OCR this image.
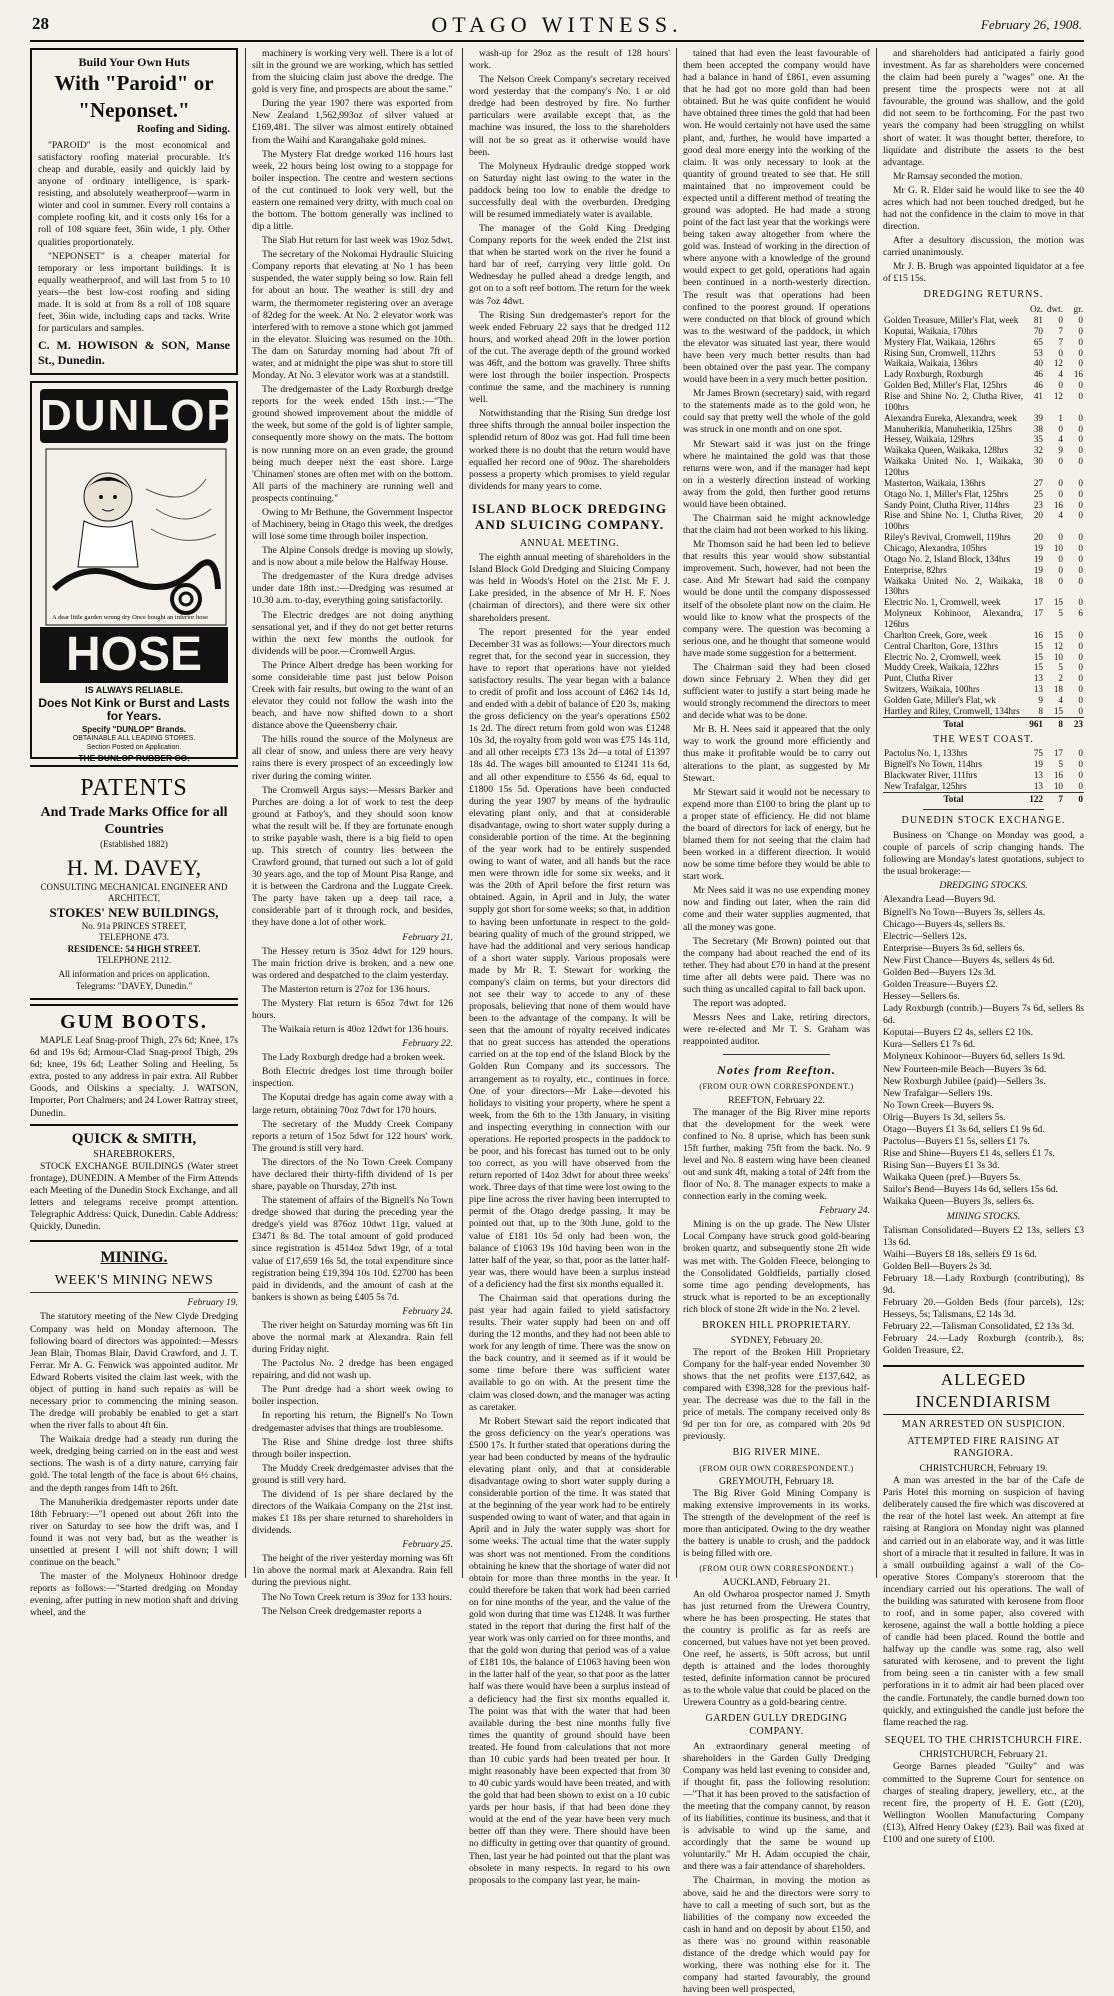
28	OTAGO WITNESS.	February 26, 1908.
Build Your Own Huts
With "Paroid" or "Neponset."
Roofing and Siding.

"PAROID" is the most economical and satisfactory roofing material procurable. It's cheap and durable, easily and quickly laid by anyone of ordinary intelligence, is spark-resisting, and absolutely weatherproof—warm in winter and cool in summer. Every roll contains a complete roofing kit, and it costs only 16s for a roll of 108 square feet, 36in wide, 1 ply. Other qualities proportionately.

"NEPONSET" is a cheaper material for temporary or less important buildings. It is equally weatherproof, and will last from 5 to 10 years—the best low-cost roofing and siding made. It is sold at from 8s a roll of 108 square feet, 36in wide, including caps and tacks. Write for particulars and samples.

C. M. HOWISON & SON, Manse St., Dunedin.
DUNLOP
A dear little garden wrung dry Once bought an inferior hose
HOSE
IS ALWAYS RELIABLE.
Does Not Kink or Burst and Lasts for Years.
Specify "DUNLOP" Brands.
OBTAINABLE ALL LEADING STORES.
Section Posted on Application.
THE DUNLOP RUBBER CO.
PATENTS
And Trade Marks Office for all Countries
(Established 1882)
H. M. DAVEY,
CONSULTING MECHANICAL ENGINEER AND ARCHITECT,
STOKES' NEW BUILDINGS,
No. 91a PRINCES STREET,
TELEPHONE 473.
RESIDENCE: 54 HIGH STREET.
TELEPHONE 2112.
All information and prices on application.
Telegrams: "DAVEY, Dunedin."
GUM BOOTS.

MAPLE Leaf Snag-proof Thigh, 27s 6d; Knee, 17s 6d and 19s 6d; Armour-Clad Snag-proof Thigh, 29s 6d; knee, 19s 6d; Leather Soling and Heeling, 5s extra, posted to any address in pair extra. All Rubber Goods, and Oilskins a specialty. J. WATSON, Importer, Port Chalmers; and 24 Lower Rattray street, Dunedin.

QUICK & SMITH,
SHAREBROKERS,

STOCK EXCHANGE BUILDINGS (Water street frontage), DUNEDIN. A Member of the Firm Attends each Meeting of the Dunedin Stock Exchange, and all letters and telegrams receive prompt attention. Telegraphic Address: Quick, Dunedin. Cable Address: Quickly, Dunedin.

MINING.
WEEK'S MINING NEWS
February 19.

The statutory meeting of the New Clyde Dredging Company was held on Monday afternoon. The following board of directors was appointed:—Messrs Jean Blair, Thomas Blair, David Crawford, and J. T. Ferrar. Mr A. G. Fenwick was appointed auditor. Mr Edward Roberts visited the claim last week, with the object of putting in hand such repairs as will be necessary prior to commencing the mining season. The dredge will probably be enabled to get a start when the river falls to about 4ft 6in.

The Waikaia dredge had a steady run during the week, dredging being carried on in the east and west sections. The wash is of a dirty nature, carrying fair gold. The total length of the face is about 6½ chains, and the depth ranges from 14ft to 26ft.

The Manuherikia dredgemaster reports under date 18th February:—"I opened out about 26ft into the river on Saturday to see how the drift was, and I found it was not very bad, but as the weather is unsettled at present I will not shift down; I will continue on the beach."

The master of the Molyneux Hohinoor dredge reports as follows:—"Started dredging on Monday evening, after putting in new motion shaft and driving wheel, and the

machinery is working very well. There is a lot of silt in the ground we are working, which has settled from the sluicing claim just above the dredge. The gold is very fine, and prospects are about the same."

During the year 1907 there was exported from New Zealand 1,562,993oz of silver valued at £169,481. The silver was almost entirely obtained from the Waihi and Karangahake gold mines.

The Mystery Flat dredge worked 116 hours last week, 22 hours being lost owing to a stoppage for boiler inspection. The centre and western sections of the cut continued to look very well, but the eastern one remained very dritty, with much coal on the bottom. The bottom generally was inclined to dip a little.

The Slab Hut return for last week was 19oz 5dwt.

The secretary of the Nokomai Hydraulic Sluicing Company reports that elevating at No 1 has been suspended, the water supply being so low. Rain fell for about an hour. The weather is still dry and warm, the thermometer registering over an average of 82deg for the week. At No. 2 elevator work was interfered with to remove a stone which got jammed in the elevator. Sluicing was resumed on the 10th. The dam on Saturday morning had about 7ft of water, and at midnight the pipe was shut to store till Monday. At No. 3 elevator work was at a standstill.

The dredgemaster of the Lady Roxburgh dredge reports for the week ended 15th inst.:—"The ground showed improvement about the middle of the week, but some of the gold is of lighter sample, consequently more showy on the mats. The bottom is now running more on an even grade, the ground being much deeper next the east shore. Large 'Chinamen' stones are often met with on the bottom. All parts of the machinery are running well and prospects continuing."

Owing to Mr Bethune, the Government Inspector of Machinery, being in Otago this week, the dredges will lose some time through boiler inspection.

The Alpine Consols dredge is moving up slowly, and is now about a mile below the Halfway House.

The dredgemaster of the Kura dredge advises under date 18th inst.:—Dredging was resumed at 10.30 a.m. to-day, everything going satisfactorily.

The Electric dredges are not doing anything sensational yet, and if they do not get better returns within the next few months the outlook for dividends will be poor.—Cromwell Argus.

The Prince Albert dredge has been working for some considerable time past just below Poison Creek with fair results, but owing to the want of an elevator they could not follow the wash into the beach, and have now shifted down to a short distance above the Queensberry chair.

The hills round the source of the Molyneux are all clear of snow, and unless there are very heavy rains there is every prospect of an exceedingly low river during the coming winter.

The Cromwell Argus says:—Messrs Barker and Purches are doing a lot of work to test the deep ground at Fatboy's, and they should soon know what the result will be. If they are fortunate enough to strike payable wash, there is a big field to open up. This stretch of country lies between the Crawford ground, that turned out such a lot of gold 30 years ago, and the top of Mount Pisa Range, and it is between the Cardrona and the Luggate Creek. The party have taken up a deep tail race, a considerable part of it through rock, and besides, they have done a lot of other work.

February 21.

The Hessey return is 35oz 4dwt for 129 hours. The main friction drive is broken, and a new one was ordered and despatched to the claim yesterday.

The Masterton return is 27oz for 136 hours.

The Mystery Flat return is 65oz 7dwt for 126 hours.

The Waikaia return is 40oz 12dwt for 136 hours.

February 22.

The Lady Roxburgh dredge had a broken week.

Both Electric dredges lost time through boiler inspection.

The Koputai dredge has again come away with a large return, obtaining 70oz 7dwt for 170 hours.

The secretary of the Muddy Creek Company reports a return of 15oz 5dwt for 122 hours' work. The ground is still very hard.

The directors of the No Town Creek Company have declared their thirty-fifth dividend of 1s per share, payable on Thursday, 27th inst.

The statement of affairs of the Bignell's No Town dredge showed that during the preceding year the dredge's yield was 876oz 10dwt 11gr, valued at £3471 8s 8d. The total amount of gold produced since registration is 4514oz 5dwt 19gr, of a total value of £17,659 16s 5d, the total expenditure since registration being £19,394 10s 10d. £2700 has been paid in dividends, and the amount of cash at the bankers is shown as being £405 5s 7d.

February 24.

The river height on Saturday morning was 6ft 1in above the normal mark at Alexandra. Rain fell during Friday night.

The Pactolus No. 2 dredge has been engaged repairing, and did not wash up.

The Punt dredge had a short week owing to boiler inspection.

In reporting his return, the Bignell's No Town dredgemaster advises that things are troublesome.

The Rise and Shine dredge lost three shifts through boiler inspection.

The Muddy Creek dredgemaster advises that the ground is still very hard.

The dividend of 1s per share declared by the directors of the Waikaia Company on the 21st inst. makes £1 18s per share returned to shareholders in dividends.

February 25.

The height of the river yesterday morning was 6ft 1in above the normal mark at Alexandra. Rain fell during the previous night.

The No Town Creek return is 39oz for 133 hours.

The Nelson Creek dredgemaster reports a

wash-up for 29oz as the result of 128 hours' work.

The Nelson Creek Company's secretary received word yesterday that the company's No. 1 or old dredge had been destroyed by fire. No further particulars were available except that, as the machine was insured, the loss to the shareholders will not be so great as it otherwise would have been.

The Molyneux Hydraulic dredge stopped work on Saturday night last owing to the water in the paddock being too low to enable the dredge to successfully deal with the overburden. Dredging will be resumed immediately water is available.

The manager of the Gold King Dredging Company reports for the week ended the 21st inst that when he started work on the river he found a hard bar of reef, carrying very little gold. On Wednesday he pulled ahead a dredge length, and got on to a soft reef bottom. The return for the week was 7oz 4dwt.

The Rising Sun dredgemaster's report for the week ended February 22 says that he dredged 112 hours, and worked ahead 20ft in the lower portion of the cut. The average depth of the ground worked was 46ft, and the bottom was gravelly. Three shifts were lost through the boiler inspection. Prospects continue the same, and the machinery is running well.

Notwithstanding that the Rising Sun dredge lost three shifts through the annual boiler inspection the splendid return of 80oz was got. Had full time been worked there is no doubt that the return would have equalled her record one of 90oz. The shareholders possess a property which promises to yield regular dividends for many years to come.

ISLAND BLOCK DREDGING AND SLUICING COMPANY.
ANNUAL MEETING.

The eighth annual meeting of shareholders in the Island Block Gold Dredging and Sluicing Company was held in Woods's Hotel on the 21st. Mr F. J. Lake presided, in the absence of Mr H. F. Noes (chairman of directors), and there were six other shareholders present.

The report presented for the year ended December 31 was as follows:—Your directors much regret that, for the second year in succession, they have to report that operations have not yielded satisfactory results. The year began with a balance to credit of profit and loss account of £462 14s 1d, and ended with a debit of balance of £20 3s, making the gross deficiency on the year's operations £502 1s 2d. The direct return from gold won was £1248 10s 3d, the royalty from gold won was £75 14s 11d, and all other receipts £73 13s 2d—a total of £1397 18s 4d. The wages bill amounted to £1241 11s 6d, and all other expenditure to £556 4s 6d, equal to £1800 15s 5d. Operations have been conducted during the year 1907 by means of the hydraulic elevating plant only, and that at considerable disadvantage, owing to short water supply during a considerable portion of the time. At the beginning of the year work had to be entirely suspended owing to want of water, and all hands but the race men were thrown idle for some six weeks, and it was the 20th of April before the first return was obtained. Again, in April and in July, the water supply got short for some weeks; so that, in addition to having been unfortunate in respect to the gold-bearing quality of much of the ground stripped, we have had the additional and very serious handicap of a short water supply. Various proposals were made by Mr R. T. Stewart for working the company's claim on terms, but your directors did not see their way to accede to any of these proposals, believing that none of them would have been to the advantage of the company. It will be seen that the amount of royalty received indicates that no great success has attended the operations carried on at the top end of the Island Block by the Golden Run Company and its successors. The arrangement as to royalty, etc., continues in force. One of your directors—Mr Lake—devoted his holidays to visiting your property, where he spent a week, from the 6th to the 13th January, in visiting and inspecting everything in connection with our operations. He reported prospects in the paddock to be poor, and his forecast has turned out to be only too correct, as you will have observed from the return reported of 14oz 3dwt for about three weeks' work. Three days of that time were lost owing to the pipe line across the river having been interrupted to permit of the Otago dredge passing. It may be pointed out that, up to the 30th June, gold to the value of £181 10s 5d only had been won, the balance of £1063 19s 10d having been won in the latter half of the year, so that, poor as the latter half-year was, there would have been a surplus instead of a deficiency had the first six months equalled it.

The Chairman said that operations during the past year had again failed to yield satisfactory results. Their water supply had been on and off during the 12 months, and they had not been able to work for any length of time. There was the snow on the back country, and it seemed as if it would be some time before there was sufficient water available to go on with. At the present time the claim was closed down, and the manager was acting as caretaker.

Mr Robert Stewart said the report indicated that the gross deficiency on the year's operations was £500 17s. It further stated that operations during the year had been conducted by means of the hydraulic elevating plant only, and that at considerable disadvantage owing to short water supply during a considerable portion of the time. It was stated that at the beginning of the year work had to be entirely suspended owing to want of water, and that again in April and in July the water supply was short for some weeks. The actual time that the water supply was short was not mentioned. From the conditions obtaining he knew that the shortage of water did not obtain for more than three months in the year. It could therefore be taken that work had been carried on for nine months of the year, and the value of the gold won during that time was £1248. It was further stated in the report that during the first half of the year work was only carried on for three months, and that the gold won during that period was of a value of £181 10s, the balance of £1063 having been won in the latter half of the year, so that poor as the latter half was there would have been a surplus instead of a deficiency had the first six months equalled it. The point was that with the water that had been available during the best nine months fully five times the quantity of ground should have been treated. He found from calculations that not more than 10 cubic yards had been treated per hour. It might reasonably have been expected that from 30 to 40 cubic yards would have been treated, and with the gold that had been shown to exist on a 10 cubic yards per hour basis, if that had been done they would at the end of the year have been very much better off than they were. There should have been no difficulty in getting over that quantity of ground. Then, last year he had pointed out that the plant was obsolete in many respects. In regard to his own proposals to the company last year, he main-

tained that had even the least favourable of them been accepted the company would have had a balance in hand of £861, even assuming that he had got no more gold than had been obtained. But he was quite confident he would have obtained three times the gold that had been won. He would certainly not have used the same plant, and, further, he would have imparted a good deal more energy into the working of the claim. It was only necessary to look at the quantity of ground treated to see that. He still maintained that no improvement could be expected until a different method of treating the ground was adopted. He had made a strong point of the fact last year that the workings were being taken away altogether from where the gold was. Instead of working in the direction of where anyone with a knowledge of the ground would expect to get gold, operations had again been continued in a north-westerly direction. The result was that operations had been confined to the poorest ground. If operations were conducted on that block of ground which was to the westward of the paddock, in which the elevator was situated last year, there would have been very much better results than had been obtained over the past year. The company would have been in a very much better position.

Mr James Brown (secretary) said, with regard to the statements made as to the gold won, he could say that pretty well the whole of the gold was struck in one month and on one spot.

Mr Stewart said it was just on the fringe where he maintained the gold was that those returns were won, and if the manager had kept on in a westerly direction instead of working away from the gold, then further good returns would have been obtained.

The Chairman said he might acknowledge that the claim had not been worked to his liking.

Mr Thomson said he had been led to believe that results this year would show substantial improvement. Such, however, had not been the case. And Mr Stewart had said the company would be done until the company dispossessed itself of the obsolete plant now on the claim. He would like to know what the prospects of the company were. The question was becoming a serious one, and he thought that someone would have made some suggestion for a betterment.

The Chairman said they had been closed down since February 2. When they did get sufficient water to justify a start being made he would strongly recommend the directors to meet and decide what was to be done.

Mr B. H. Nees said it appeared that the only way to work the ground more efficiently and thus make it profitable would be to carry out alterations to the plant, as suggested by Mr Stewart.

Mr Stewart said it would not be necessary to expend more than £100 to bring the plant up to a proper state of efficiency. He did not blame the board of directors for lack of energy, but he blamed them for not seeing that the claim had been worked in a different direction. It would now be some time before they would be able to start work.

Mr Nees said it was no use expending money now and finding out later, when the rain did come and their water supplies augmented, that all the money was gone.

The Secretary (Mr Brown) pointed out that the company had about reached the end of its tether. They had about £70 in hand at the present time after all debts were paid. There was no such thing as uncalled capital to fall back upon.

The report was adopted.

Messrs Nees and Lake, retiring directors, were re-elected and Mr T. S. Graham was reappointed auditor.

Notes from Reefton.
(FROM OUR OWN CORRESPONDENT.)
REEFTON, February 22.

The manager of the Big River mine reports that the development for the week were confined to No. 8 uprise, which has been sunk 15ft further, making 75ft from the back. No. 9 level and No. 8 eastern wing have been cleaned out and sunk 4ft, making a total of 24ft from the floor of No. 8. The manager expects to make a connection early in the coming week.

February 24.

Mining is on the up grade. The New Ulster Local Company have struck good gold-bearing broken quartz, and subsequently stone 2ft wide was met with. The Golden Fleece, belonging to the Consolidated Goldfields, partially closed some time ago pending developments, has struck what is reported to be an exceptionally rich block of stone 2ft wide in the No. 2 level.

BROKEN HILL PROPRIETARY.
SYDNEY, February 20.

The report of the Broken Hill Proprietary Company for the half-year ended November 30 shows that the net profits were £137,642, as compared with £398,328 for the previous half-year. The decrease was due to the fall in the price of metals. The company received only 8s 9d per ton for ore, as compared with 20s 9d previously.

BIG RIVER MINE.
(FROM OUR OWN CORRESPONDENT.)
GREYMOUTH, February 18.

The Big River Gold Mining Company is making extensive improvements in its works. The strength of the development of the reef is more than anticipated. Owing to the dry weather the battery is unable to crush, and the paddock is being filled with ore.

(FROM OUR OWN CORRESPONDENT.)
AUCKLAND, February 21.

An old Owharoa prospector named J. Smyth has just returned from the Urewera Country, where he has been prospecting. He states that the country is prolific as far as reefs are concerned, but values have not yet been proved. One reef, he asserts, is 50ft across, but until depth is attained and the lodes thoroughly tested, definite information cannot be procured as to the whole value that could be placed on the Urewera Country as a gold-bearing centre.

GARDEN GULLY DREDGING COMPANY.

An extraordinary general meeting of shareholders in the Garden Gully Dredging Company was held last evening to consider and, if thought fit, pass the following resolution:—"That it has been proved to the satisfaction of the meeting that the company cannot, by reason of its liabilities, continue its business, and that it is advisable to wind up the same, and accordingly that the same be wound up voluntarily." Mr H. Adam occupied the chair, and there was a fair attendance of shareholders.

The Chairman, in moving the motion as above, said he and the directors were sorry to have to call a meeting of such sort, but as the liabilities of the company now exceeded the cash in hand and on deposit by about £150, and as there was no ground within reasonable distance of the dredge which would pay for working, there was nothing else for it. The company had started favourably, the ground having been well prospected,

and shareholders had anticipated a fairly good investment. As far as shareholders were concerned the claim had been purely a "wages" one. At the present time the prospects were not at all favourable, the ground was shallow, and the gold did not seem to be forthcoming. For the past two years the company had been struggling on whilst short of water. It was thought better, therefore, to liquidate and distribute the assets to the best advantage.

Mr Ramsay seconded the motion.

Mr G. R. Elder said he would like to see the 40 acres which had not been touched dredged, but he had not the confidence in the claim to move in that direction.

After a desultory discussion, the motion was carried unanimously.

Mr J. B. Brugh was appointed liquidator at a fee of £15 15s.

DREDGING RETURNS.
	Oz.	dwt.	gr.
Golden Treasure, Miller's Flat, week	81	0	0
Koputai, Waikaia, 170hrs	70	7	0
Mystery Flat, Waikaia, 126hrs	65	7	0
Rising Sun, Cromwell, 112hrs	53	0	0
Waikaia, Waikaia, 136hrs	40	12	0
Lady Roxburgh, Roxburgh	46	4	16
Golden Bed, Miller's Flat, 125hrs	46	0	0
Rise and Shine No. 2, Clutha River, 100hrs	41	12	0
Alexandra Eureka, Alexandra, week	39	1	0
Manuherikia, Manuherikia, 125hrs	38	0	0
Hessey, Waikaia, 129hrs	35	4	0
Waikaka Queen, Waikaka, 128hrs	32	9	0
Waikaka United No. 1, Waikaka, 120hrs	30	0	0
Masterton, Waikaia, 136hrs	27	0	0
Otago No. 1, Miller's Flat, 125hrs	25	0	0
Sandy Point, Clutha River, 114hrs	23	16	0
Rise and Shine No. 1, Clutha River, 100hrs	20	4	0
Riley's Revival, Cromwell, 119hrs	20	0	0
Chicago, Alexandra, 105hrs	19	10	0
Otago No. 2, Island Block, 134hrs	19	0	0
Enterprise, 82hrs	19	0	0
Waikaka United No. 2, Waikaka, 130hrs	18	0	0
Electric No. 1, Cromwell, week	17	15	0
Molyneux Kohinoor, Alexandra, 126hrs	17	5	6
Charlton Creek, Gore, week	16	15	0
Central Charlton, Gore, 131hrs	15	12	0
Electric No. 2, Cromwell, week	15	10	0
Muddy Creek, Waikaia, 122hrs	15	5	0
Punt, Clutha River	13	2	0
Switzers, Waikaia, 100hrs	13	18	0
Golden Gate, Miller's Flat, wk	9	4	0
Hartley and Riley, Cromwell, 134hrs	8	15	0
Total	961	8	23
THE WEST COAST.
Pactolus No. 1, 133hrs	75	17	0
Bignell's No Town, 114hrs	19	5	0
Blackwater River, 111hrs	13	16	0
New Trafalgar, 125hrs	13	10	0
Total	122	7	0
DUNEDIN STOCK EXCHANGE.

Business on 'Change on Monday was good, a couple of parcels of scrip changing hands. The following are Monday's latest quotations, subject to the usual brokerage:—

DREDGING STOCKS.

Alexandra Lead—Buyers 9d.

Bignell's No Town—Buyers 3s, sellers 4s.

Chicago—Buyers 4s, sellers 8s.

Electric—Sellers 12s.

Enterprise—Buyers 3s 6d, sellers 6s.

New First Chance—Buyers 4s, sellers 4s 6d.

Golden Bed—Buyers 12s 3d.

Golden Treasure—Buyers £2.

Hessey—Sellers 6s.

Lady Roxburgh (contrib.)—Buyers 7s 6d, sellers 8s 6d.

Koputai—Buyers £2 4s, sellers £2 10s.

Kura—Sellers £1 7s 6d.

Molyneux Kohinoor—Buyers 6d, sellers 1s 9d.

New Fourteen-mile Beach—Buyers 3s 6d.

New Roxburgh Jubilee (paid)—Sellers 3s.

New Trafalgar—Sellers 19s.

No Town Creek—Buyers 9s.

Olrig—Buyers 1s 3d, sellers 5s.

Otago—Buyers £1 3s 6d, sellers £1 9s 6d.

Pactolus—Buyers £1 5s, sellers £1 7s.

Rise and Shine—Buyers £1 4s, sellers £1 7s.

Rising Sun—Buyers £1 3s 3d.

Waikaka Queen (pref.)—Buyers 5s.

Sailor's Bend—Buyers 14s 6d, sellers 15s 6d.

Waikaka Queen—Buyers 3s, sellers 6s.

MINING STOCKS.

Talisman Consolidated—Buyers £2 13s, sellers £3 13s 6d.

Waihi—Buyers £8 18s, sellers £9 1s 6d.

Golden Bell—Buyers 2s 3d.

February 18.—Lady Roxburgh (contributing), 8s 9d.

February 20.—Golden Beds (four parcels), 12s; Hesseys, 5s; Talismans, £2 14s 3d.

February 22.—Talisman Consolidated, £2 13s 3d.

February 24.—Lady Roxburgh (contrib.), 8s; Golden Treasure, £2.

ALLEGED INCENDIARISM
MAN ARRESTED ON SUSPICION.
ATTEMPTED FIRE RAISING AT RANGIORA.
CHRISTCHURCH, February 19.

A man was arrested in the bar of the Cafe de Paris Hotel this morning on suspicion of having deliberately caused the fire which was discovered at the rear of the hotel last week. An attempt at fire raising at Rangiora on Monday night was planned and carried out in an elaborate way, and it was little short of a miracle that it resulted in failure. It was in a small outbuilding against a wall of the Co-operative Stores Company's storeroom that the incendiary carried out his operations. The wall of the building was saturated with kerosene from floor to roof, and in some paper, also covered with kerosene, against the wall a bottle holding a piece of candle had been placed. Round the bottle and halfway up the candle was some rag, also well saturated with kerosene, and to prevent the light from being seen a tin canister with a few small perforations in it to admit air had been placed over the candle. Fortunately, the candle burned down too quickly, and extinguished the candle just before the flame reached the rag.

SEQUEL TO THE CHRISTCHURCH FIRE.
CHRISTCHURCH, February 21.

George Barnes pleaded "Guilty" and was committed to the Supreme Court for sentence on charges of stealing drapery, jewellery, etc., at the recent fire, the property of H. E. Gott (£20), Wellington Woollen Manufacturing Company (£13), Alfred Henry Oakey (£23). Bail was fixed at £100 and one surety of £100.
